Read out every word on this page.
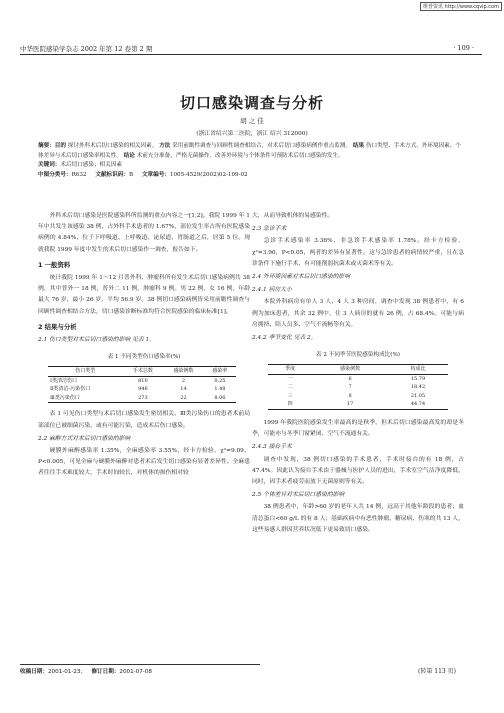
维普资讯 http://www.cqvip.com
中华医院感染学杂志 2002 年第 12 卷第 2 期	· 109 ·
切口感染调查与分析
胡 之 佳
(浙江省绍兴第二医院，浙江 绍兴 312000)
摘要：目的 探讨外科术后切口感染的相关因素。 方法 采用前瞻性调查与回顾性调查相结合，对术后切口感染病例作重点监测。 结果 伤口类型、手术方式、外环境因素、个体差异与术后切口感染率相关性。 结论 术前充分准备，严格无菌操作，改善外环境与个体条件可预防术后切口感染的发生。
关键词：术后切口感染；相关因素
中图分类号：R632 文献标识码：B 文章编号：1005-4529(2002)02-109-02

外科术后切口感染是医院感染科所监测的重点内容之一[1,2]。我院 1999 年 1 年中共发生该感染 38 例，占外科手术患者的 1.67%，部位发生率占所有医院感染病例的 4.84%，位于下呼吸道、上呼吸道、泌尿道、胃肠道之后，居第 5 位。现就我院 1999 年度中发生的术后切口感染作一调查，报告如下。

1 一般资料

统计我院 1999 年 1～12 月普外科、肿瘤科所有发生术后切口感染病例共 38 例，其中普外一 18 例，普外二 11 例，肿瘤科 9 例。男 22 例，女 16 例，年龄最大 76 岁，最小 26 岁，平均 56.9 岁。38 例切口感染病例皆采用前瞻性调查与回顾性调查相结合方法，切口感染诊断标准均符合医院感染的临床标准[1]。

2 结果与分析
2.1 伤口类型对术后切口感染的影响 见表 1。
表 1 不同类型伤口感染率(%)
伤口类型	手术总数	感染例数	感染率
Ⅰ类清洁伤口	810	2	0.25
Ⅱ类清洁-污染伤口	946	14	1.48
Ⅲ类污染伤口	273	22	8.06

表 1 可见伤口类型与术后切口感染发生密切相关。Ⅲ类污染伤口的患者术前局部部位已被细菌污染，或有可能污染，造成术后伤口感染。

2.2 麻醉方式对术后切口感染的影响

硬膜外麻醉感染率 1.35%，全麻感染率 3.55%，经卡方检验，χ²=9.09，P<0.005，可见全麻与硬膜外麻醉对患者术后发生切口感染有显著差异性。全麻患者往往手术难度较大，手术时间较长，对机体的损伤相对较

大，从而导致机体的易感染性。

2.3 急诊手术

急诊手术感染率 3.36%，非急诊手术感染率 1.78%。经卡方检验，χ²=3.90，P<0.05，两者的差异有显著性。这与急诊患者的病情较严重，且在急诊条件下施行手术，有可能削弱抗菌术或灭菌术等有关。

2.4 外环境因素对术后切口感染的影响
2.4.1 病房大小

本院外科病房有单人 3 人、4 人 3 种房间，调查中发现 38 例患者中，有 6 例为加床患者，其余 32 例中，住 3 人病房的就有 26 例，占 68.4%。可能与病房拥挤、陪人员多、空气不流畅等有关。

2.4.2 季节变化 见表 2。
表 2 不同季节医院感染构成比(%)
季度	感染例数	构成比
一	6	15.79
二	7	18.42
三	8	21.05
四	17	44.74

1999 年我院医院感染发生率最高的是秋季，但术后切口感染最高发的却是冬季，可能亦与冬季门窗紧闭、空气不流通有关。

2.4.3 接台手术

调查中发现，38 例切口感染的手术患者，手术时接台的有 18 例，占 47.4%。因此认为接台手术由于器械与医护人员的进出，手术室空气洁净度降低，同时，因手术者疲劳而放下无菌原则等有关。

2.5 个体差异对术后切口感染的影响

38 例患者中，年龄>60 岁的老年人共 14 例，远高于其他年龄段的患者；血清总蛋白<60 g/L 的有 8 人；基础疾病中有恶性肿瘤、糖尿病、伤寒的共 13 人，这些易感人群因营养状况低下更易致切口感染。

收稿日期：2001-01-23；   修订日期：2001-07-08	(转第 113 页)
